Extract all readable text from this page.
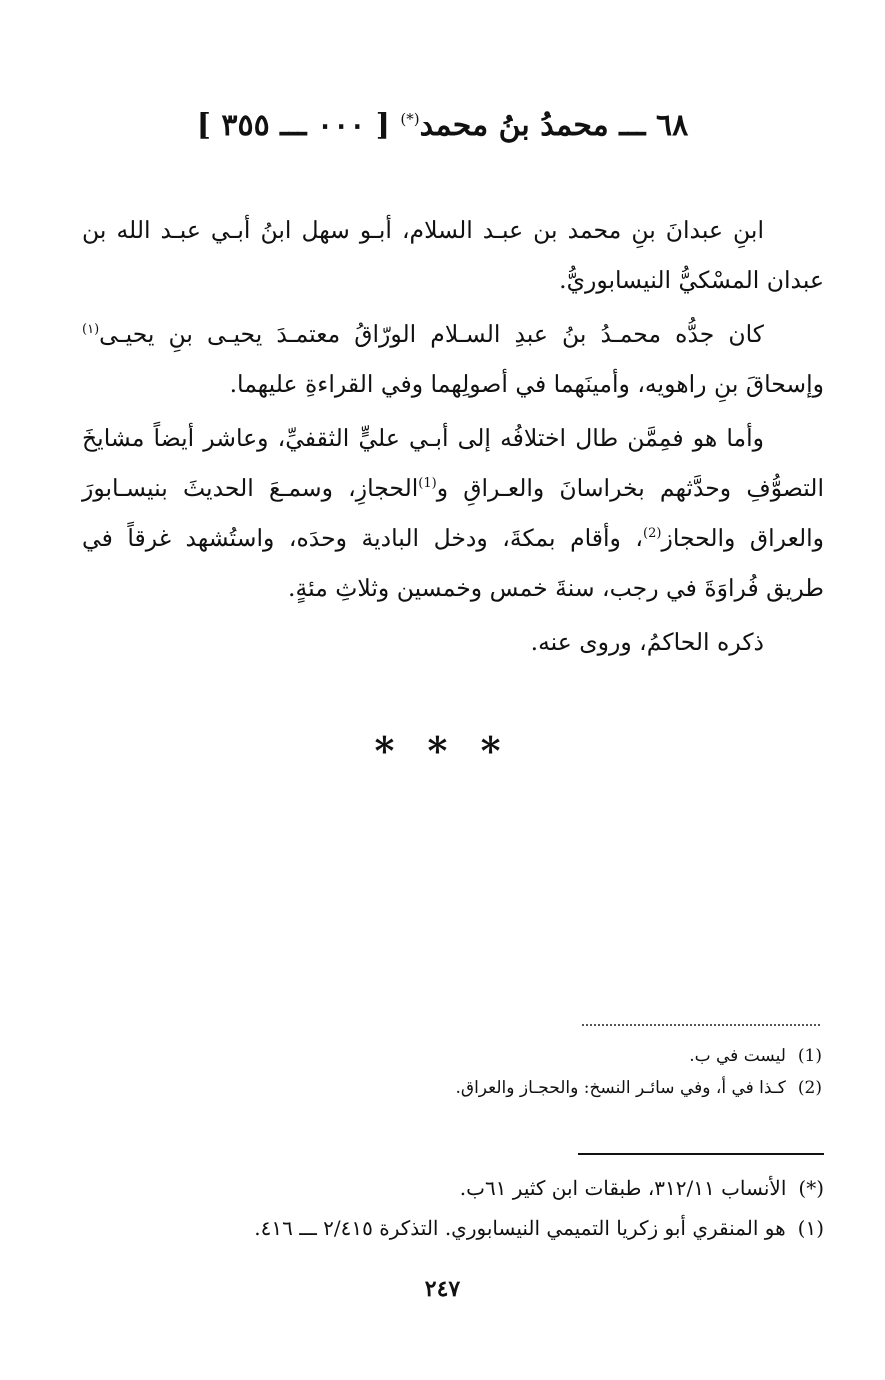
٦٨ ـــ محمدُ بنُ محمد(*) [ ٠٠٠ ـــ ٣٥٥ ]

ابنِ عبدانَ بنِ محمد بن عبـد السلام، أبـو سهل ابنُ أبـي عبـد الله بن عبدان المسْكيُّ النيسابوريُّ.

كان جدُّه محمـدُ بنُ عبدِ السـلام الورّاقُ معتمـدَ يحيـى بنِ يحيـى$^{(١)}$ وإسحاقَ بنِ راهويه، وأمينَهما في أصولِهما وفي القراءةِ عليهما.

وأما هو فمِمَّن طال اختلافُه إلى أبـي عليٍّ الثقفيِّ، وعاشر أيضاً مشايخَ التصوُّفِ وحدَّثهم بخراسانَ والعـراقِ و$^{(1)}$الحجازِ، وسمـعَ الحديثَ بنيسـابورَ والعراق والحجاز$^{(2)}$، وأقام بمكةَ، ودخل البادية وحدَه، واستُشهد غرقاً في طريق فُراوَةَ في رجب، سنةَ خمس وخمسين وثلاثِ مئةٍ.

ذكره الحاكمُ، وروى عنه.

* * *
(1)ليست في ب.
(2)كـذا في أ، وفي سائـر النسخ: والحجـاز والعراق.
(*)الأنساب ٣١٢/١١، طبقات ابن كثير ٦١ب.
(١)هو المنقري أبو زكريا التميمي النيسابوري. التذكرة ٢/٤١٥ ـــ ٤١٦.
٢٤٧
